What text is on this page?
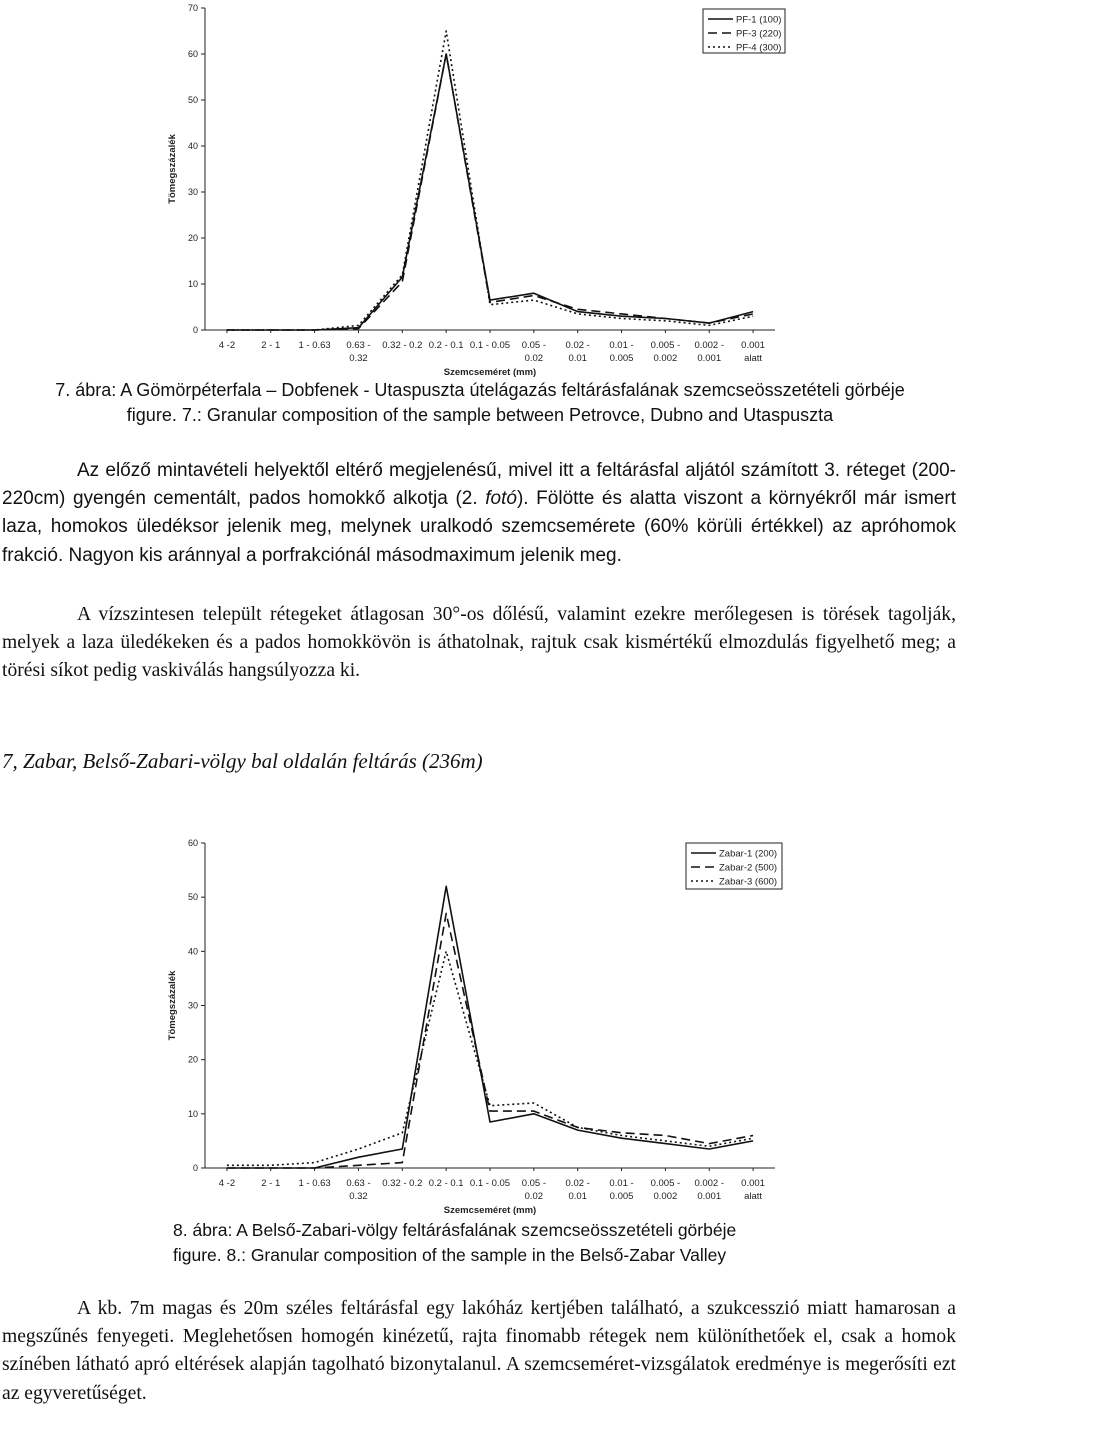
0
10
20
30
40
50
60
70
4 -2	2 - 1 1 - 0.63 0.63 -
0.32
0.32 - 0.2 0.2 - 0.1 0.1 - 0.05 0.05 -
0.02
0.02 -
0.01
0.01 -
0.005
0.005 -
0.002
0.002 -
0.001
0.001
alatt
Tömegszázalék
Szemcseméret (mm)
PF-1 (100)
PF-3 (220)
PF-4 (300)
7. ábra: A Gömörpéterfala – Dobfenek - Utaspuszta útelágazás feltárásfalának szemcseösszetételi görbéje
figure. 7.: Granular composition of the sample between Petrovce, Dubno and Utaspuszta

Az előző mintavételi helyektől eltérő megjelenésű, mivel itt a feltárásfal aljától számított 3. réteget (200-220cm) gyengén cementált, pados homokkő alkotja (2. fotó). Fölötte és alatta viszont a környékről már ismert laza, homokos üledéksor jelenik meg, melynek uralkodó szemcsemérete (60% körüli értékkel) az apróhomok frakció. Nagyon kis aránnyal a porfrakciónál másodmaximum jelenik meg.

A vízszintesen települt rétegeket átlagosan 30°-os dőlésű, valamint ezekre merőlegesen is törések tagolják, melyek a laza üledékeken és a pados homokkövön is áthatolnak, rajtuk csak kismértékű elmozdulás figyelhető meg; a törési síkot pedig vaskiválás hangsúlyozza ki.

7, Zabar, Belső-Zabari-völgy bal oldalán feltárás (236m)
0
10
20
30
40
50
60
4 -2	2 - 1 1 - 0.63 0.63 -
0.32
0.32 - 0.2 0.2 - 0.1 0.1 - 0.05 0.05 -
0.02
0.02 -
0.01
0.01 -
0.005
0.005 -
0.002
0.002 -
0.001
0.001
alatt
Tömegszázalék
Szemcseméret (mm)
Zabar-1 (200)
Zabar-2 (500)
Zabar-3 (600)
8. ábra: A Belső-Zabari-völgy feltárásfalának szemcseösszetételi görbéje
figure. 8.: Granular composition of the sample in the Belső-Zabar Valley

A kb. 7m magas és 20m széles feltárásfal egy lakóház kertjében található, a szukcesszió miatt hamarosan a megszűnés fenyegeti. Meglehetősen homogén kinézetű, rajta finomabb rétegek nem különíthetőek el, csak a homok színében látható apró eltérések alapján tagolható bizonytalanul. A szemcseméret-vizsgálatok eredménye is megerősíti ezt az egyveretűséget.
